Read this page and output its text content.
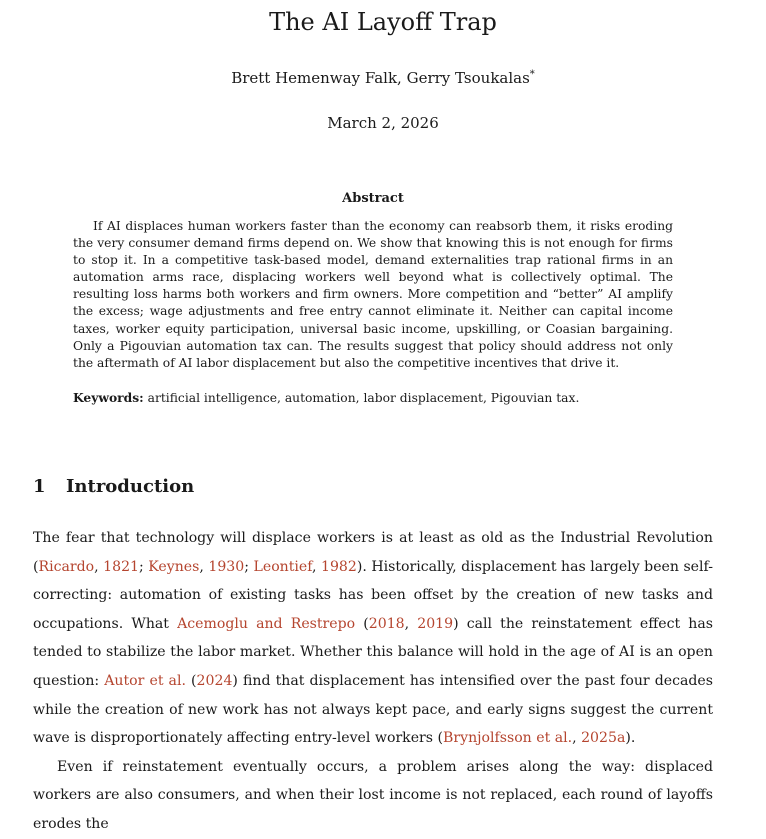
The AI Layoff Trap
Brett Hemenway Falk, Gerry Tsoukalas*
March 2, 2026
Abstract
If AI displaces human workers faster than the economy can reabsorb them, it risks eroding the very consumer demand firms depend on. We show that knowing this is not enough for firms to stop it. In a competitive task-based model, demand externalities trap rational firms in an automation arms race, displacing workers well beyond what is collectively optimal. The resulting loss harms both workers and firm owners. More competition and “better” AI amplify the excess; wage adjustments and free entry cannot eliminate it. Neither can capital income taxes, worker equity participation, universal basic income, upskilling, or Coasian bargaining. Only a Pigouvian automation tax can. The results suggest that policy should address not only the aftermath of AI labor displacement but also the competitive incentives that drive it.
Keywords: artificial intelligence, automation, labor displacement, Pigouvian tax.
1 Introduction

The fear that technology will displace workers is at least as old as the Industrial Revolution (Ricardo, 1821; Keynes, 1930; Leontief, 1982). Historically, displacement has largely been self-correcting: automation of existing tasks has been offset by the creation of new tasks and occupations. What Acemoglu and Restrepo (2018, 2019) call the reinstatement effect has tended to stabilize the labor market. Whether this balance will hold in the age of AI is an open question: Autor et al. (2024) find that displacement has intensified over the past four decades while the creation of new work has not always kept pace, and early signs suggest the current wave is disproportionately affecting entry-level workers (Brynjolfsson et al., 2025a).

Even if reinstatement eventually occurs, a problem arises along the way: displaced workers are also consumers, and when their lost income is not replaced, each round of layoffs erodes the
